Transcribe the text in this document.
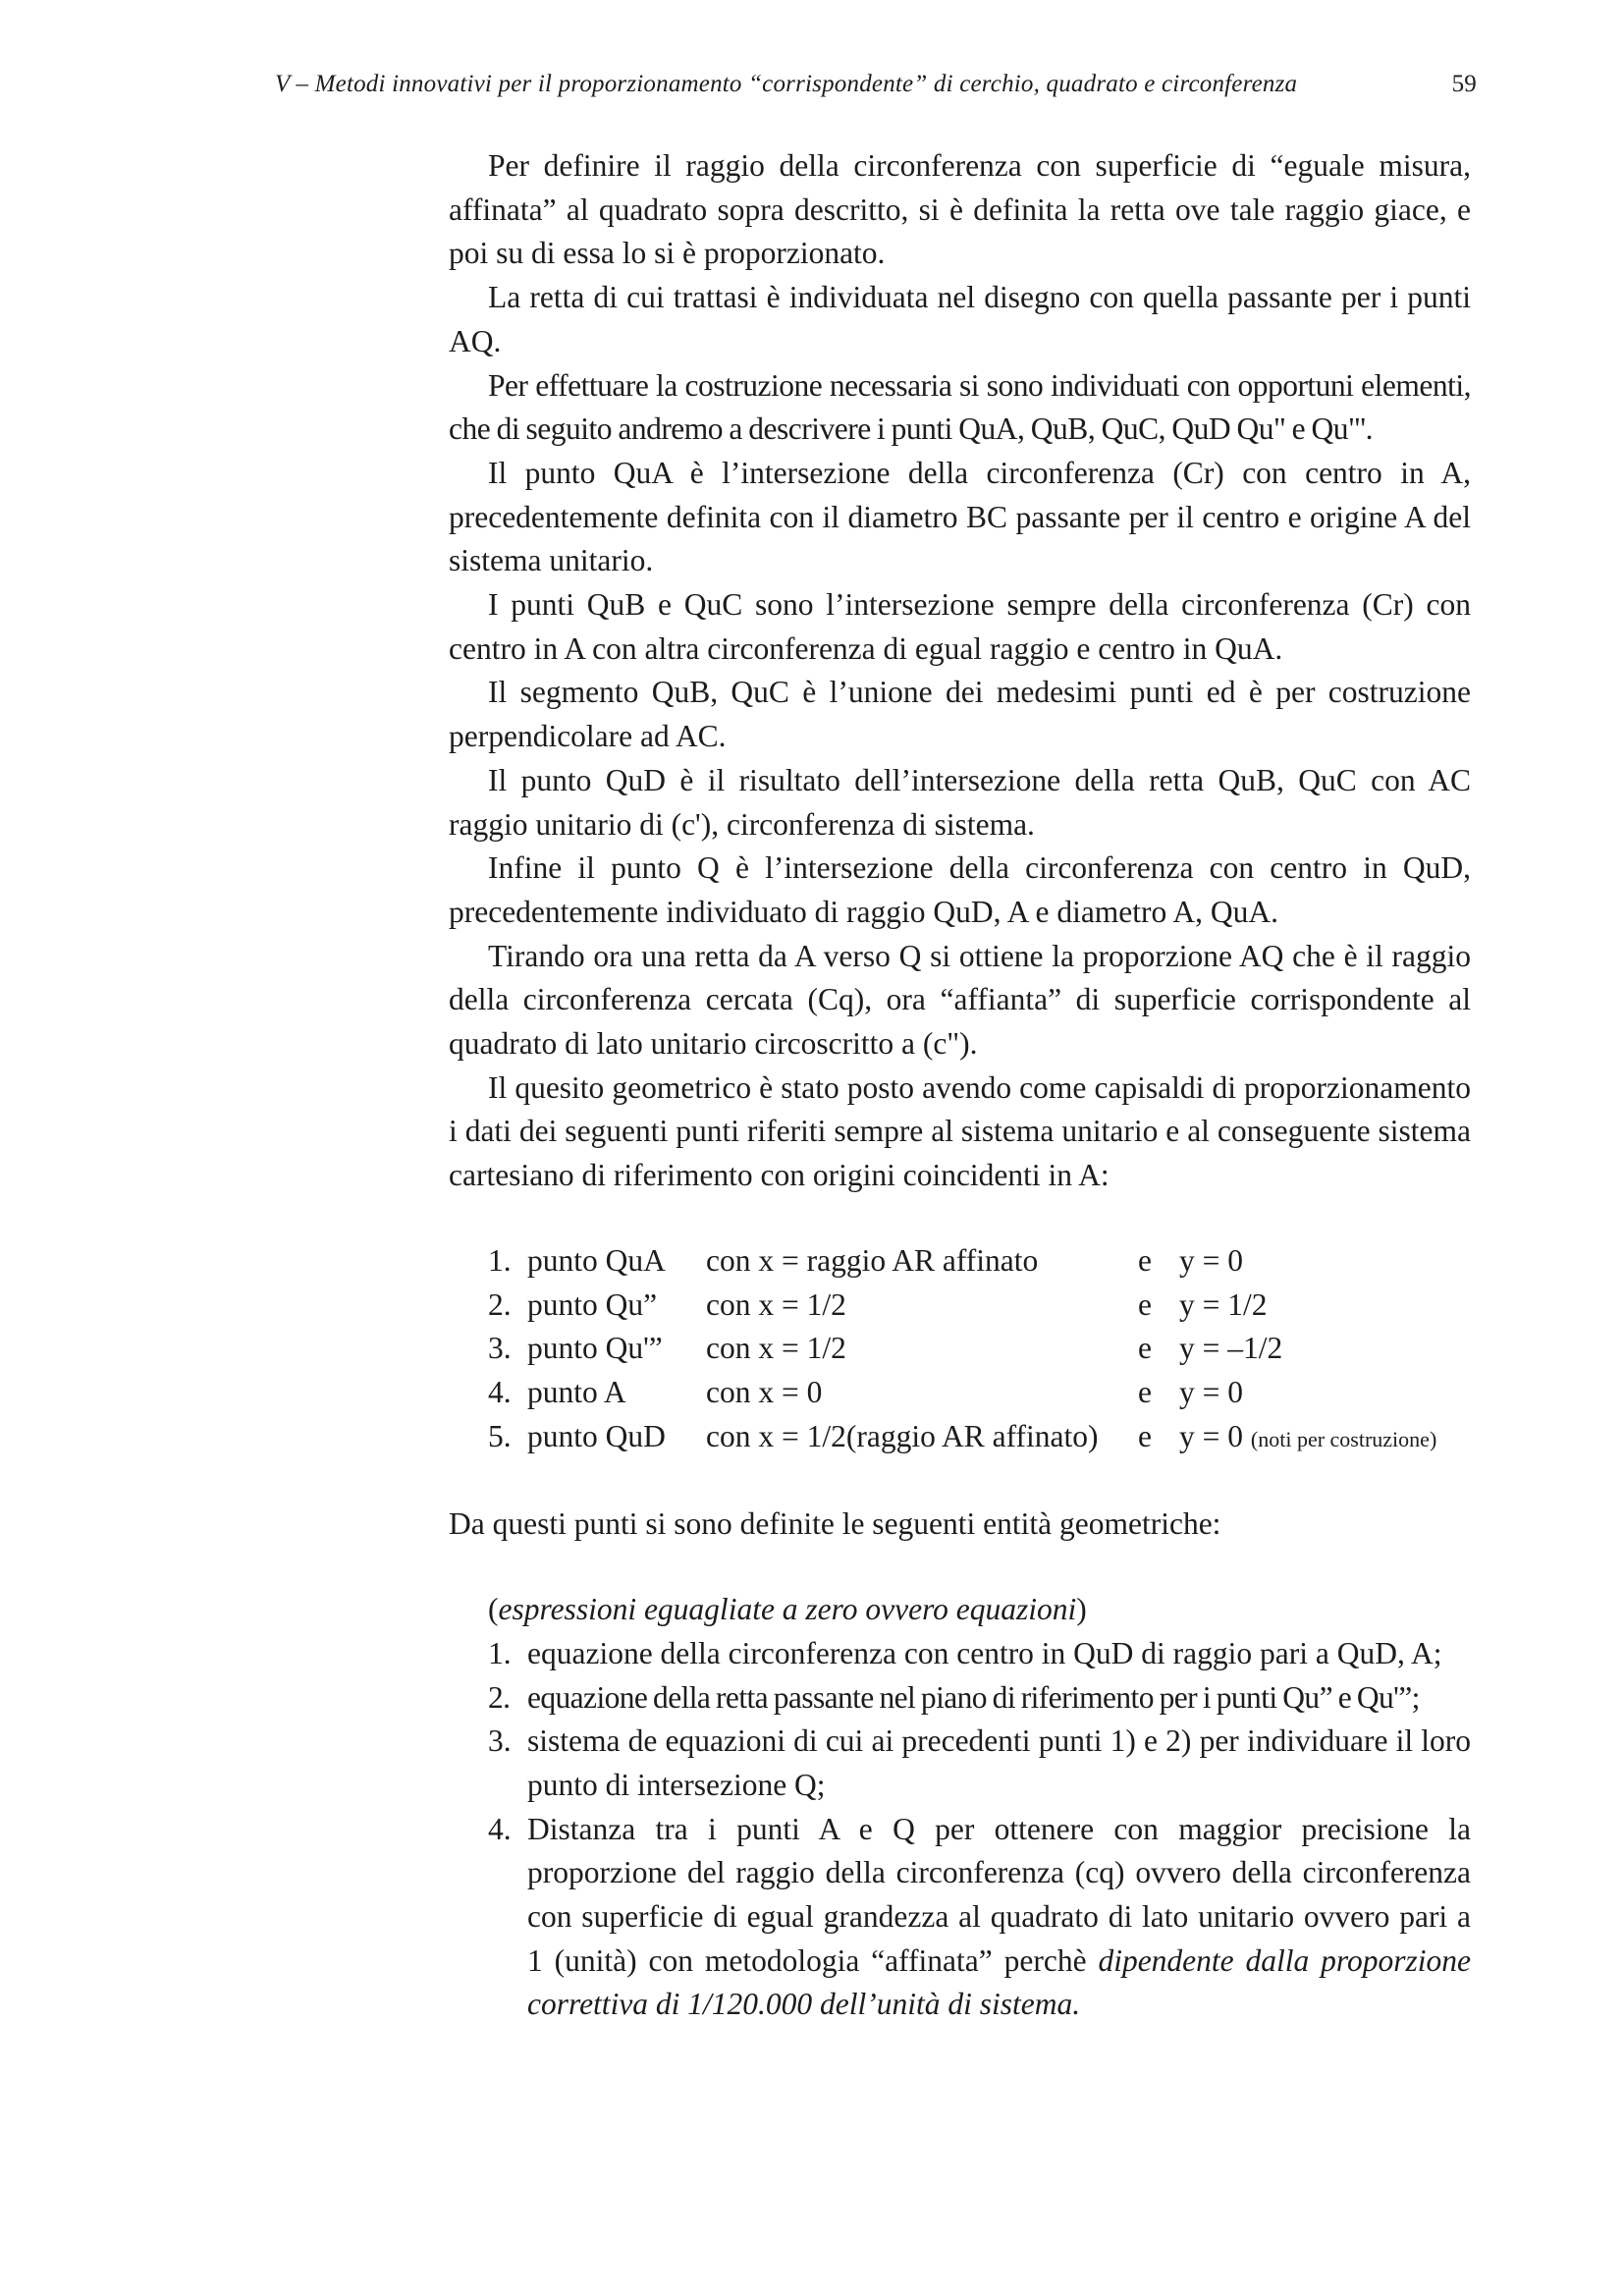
V – Metodi innovativi per il proporzionamento “corrispondente” di cerchio, quadrato e circonferenza	59

Per definire il raggio della circonferenza con superficie di “eguale misura, affinata” al quadrato sopra descritto, si è definita la retta ove tale raggio giace, e poi su di essa lo si è proporzionato.

La retta di cui trattasi è individuata nel disegno con quella passante per i punti AQ.

Per effettuare la costruzione necessaria si sono individuati con opportuni elementi, che di seguito andremo a descrivere i punti QuA, QuB, QuC, QuD Qu" e Qu"'.

Il punto QuA è l’intersezione della circonferenza (Cr) con centro in A, precedentemente definita con il diametro BC passante per il centro e origine A del sistema unitario.

I punti QuB e QuC sono l’intersezione sempre della circonferenza (Cr) con centro in A con altra circonferenza di egual raggio e centro in QuA.

Il segmento QuB, QuC è l’unione dei medesimi punti ed è per costruzione perpendicolare ad AC.

Il punto QuD è il risultato dell’intersezione della retta QuB, QuC con AC raggio unitario di (c'), circonferenza di sistema.

Infine il punto Q è l’intersezione della circonferenza con centro in QuD, precedentemente individuato di raggio QuD, A e diametro A, QuA.

Tirando ora una retta da A verso Q si ottiene la proporzione AQ che è il raggio della circonferenza cercata (Cq), ora “affianta” di superficie corrispondente al quadrato di lato unitario circoscritto a (c").

Il quesito geometrico è stato posto avendo come capisaldi di proporzionamento i dati dei seguenti punti riferiti sempre al sistema unitario e al conseguente sistema cartesiano di riferimento con origini coincidenti in A:

1.	punto QuA	con x = raggio AR affinato	e	y = 0
2.	punto Qu”	con x = 1/2	e	y = 1/2
3.	punto Qu'”	con x = 1/2	e	y = –1/2
4.	punto A	con x = 0	e	y = 0
5.	punto QuD	con x = 1/2(raggio AR affinato)	e	y = 0 (noti per costruzione)
Da questi punti si sono definite le seguenti entità geometriche:
(espressioni eguagliate a zero ovvero equazioni)
1. equazione della circonferenza con centro in QuD di raggio pari a QuD, A;
2. equazione della retta passante nel piano di riferimento per i punti Qu” e Qu'”;
3. sistema de equazioni di cui ai precedenti punti 1) e 2) per individuare il loro punto di intersezione Q;
4. Distanza tra i punti A e Q per ottenere con maggior precisione la proporzione del raggio della circonferenza (cq) ovvero della circonferenza con superficie di egual grandezza al quadrato di lato unitario ovvero pari a 1 (unità) con metodologia “affinata” perchè dipendente dalla proporzione correttiva di 1/120.000 dell’unità di sistema.
